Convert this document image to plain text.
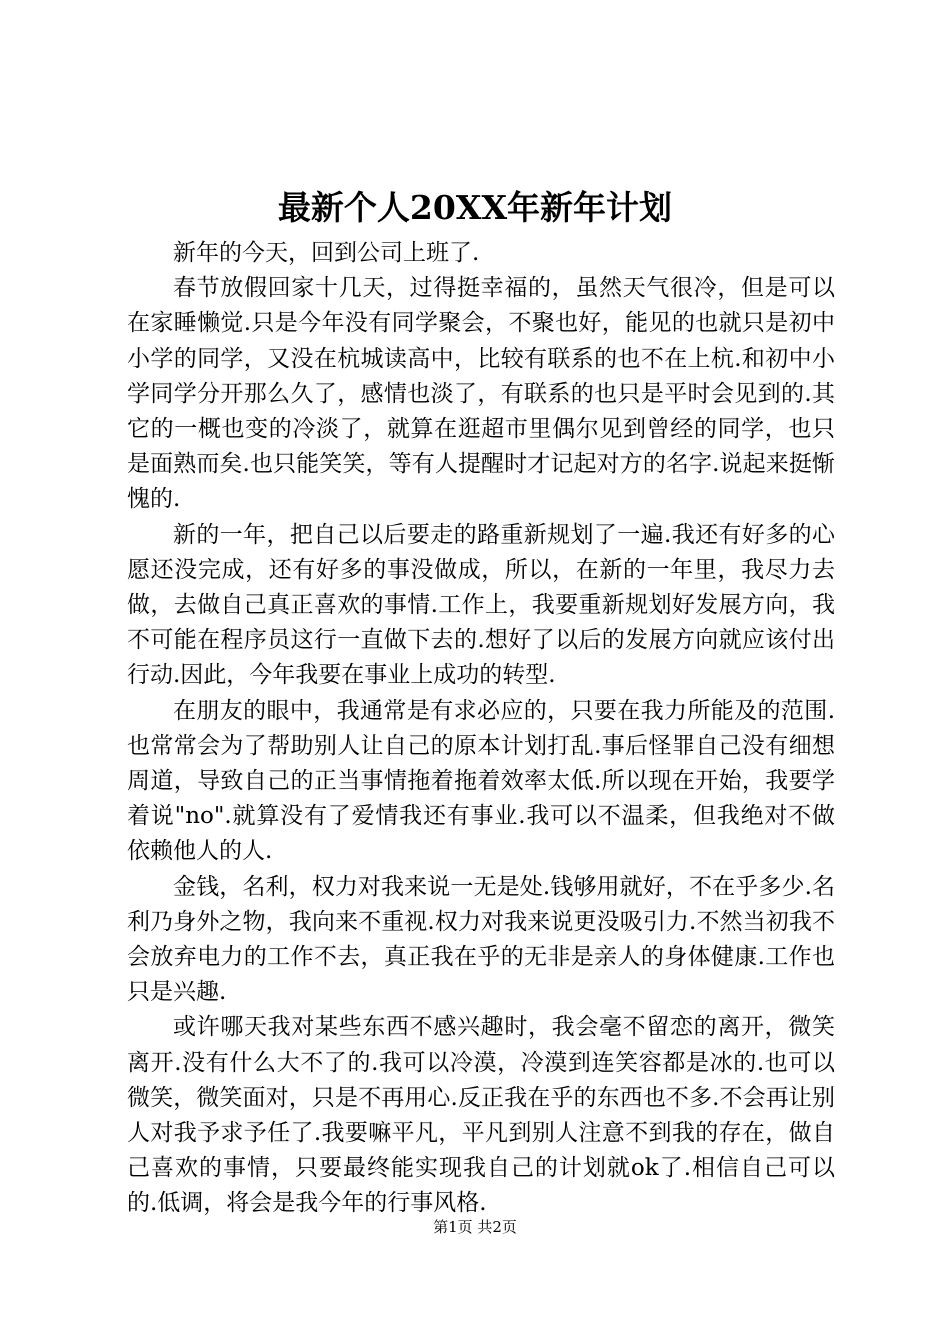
最新个人20XX年新年计划

新年的今天，回到公司上班了.

春节放假回家十几天，过得挺幸福的，虽然天气很冷，但是可以在家睡懒觉.只是今年没有同学聚会，不聚也好，能见的也就只是初中小学的同学，又没在杭城读高中，比较有联系的也不在上杭.和初中小学同学分开那么久了，感情也淡了，有联系的也只是平时会见到的.其它的一概也变的冷淡了，就算在逛超市里偶尔见到曾经的同学，也只是面熟而矣.也只能笑笑，等有人提醒时才记起对方的名字.说起来挺惭愧的.

新的一年，把自己以后要走的路重新规划了一遍.我还有好多的心愿还没完成，还有好多的事没做成，所以，在新的一年里，我尽力去做，去做自己真正喜欢的事情.工作上，我要重新规划好发展方向，我不可能在程序员这行一直做下去的.想好了以后的发展方向就应该付出行动.因此，今年我要在事业上成功的转型.

在朋友的眼中，我通常是有求必应的，只要在我力所能及的范围.也常常会为了帮助别人让自己的原本计划打乱.事后怪罪自己没有细想周道，导致自己的正当事情拖着拖着效率太低.所以现在开始，我要学着说"no".就算没有了爱情我还有事业.我可以不温柔，但我绝对不做依赖他人的人.

金钱，名利，权力对我来说一无是处.钱够用就好，不在乎多少.名利乃身外之物，我向来不重视.权力对我来说更没吸引力.不然当初我不会放弃电力的工作不去，真正我在乎的无非是亲人的身体健康.工作也只是兴趣.

或许哪天我对某些东西不感兴趣时，我会毫不留恋的离开，微笑离开.没有什么大不了的.我可以冷漠，冷漠到连笑容都是冰的.也可以微笑，微笑面对，只是不再用心.反正我在乎的东西也不多.不会再让别人对我予求予任了.我要嘛平凡，平凡到别人注意不到我的存在，做自己喜欢的事情，只要最终能实现我自己的计划就ok了.相信自己可以的.低调，将会是我今年的行事风格.

第1页 共2页
